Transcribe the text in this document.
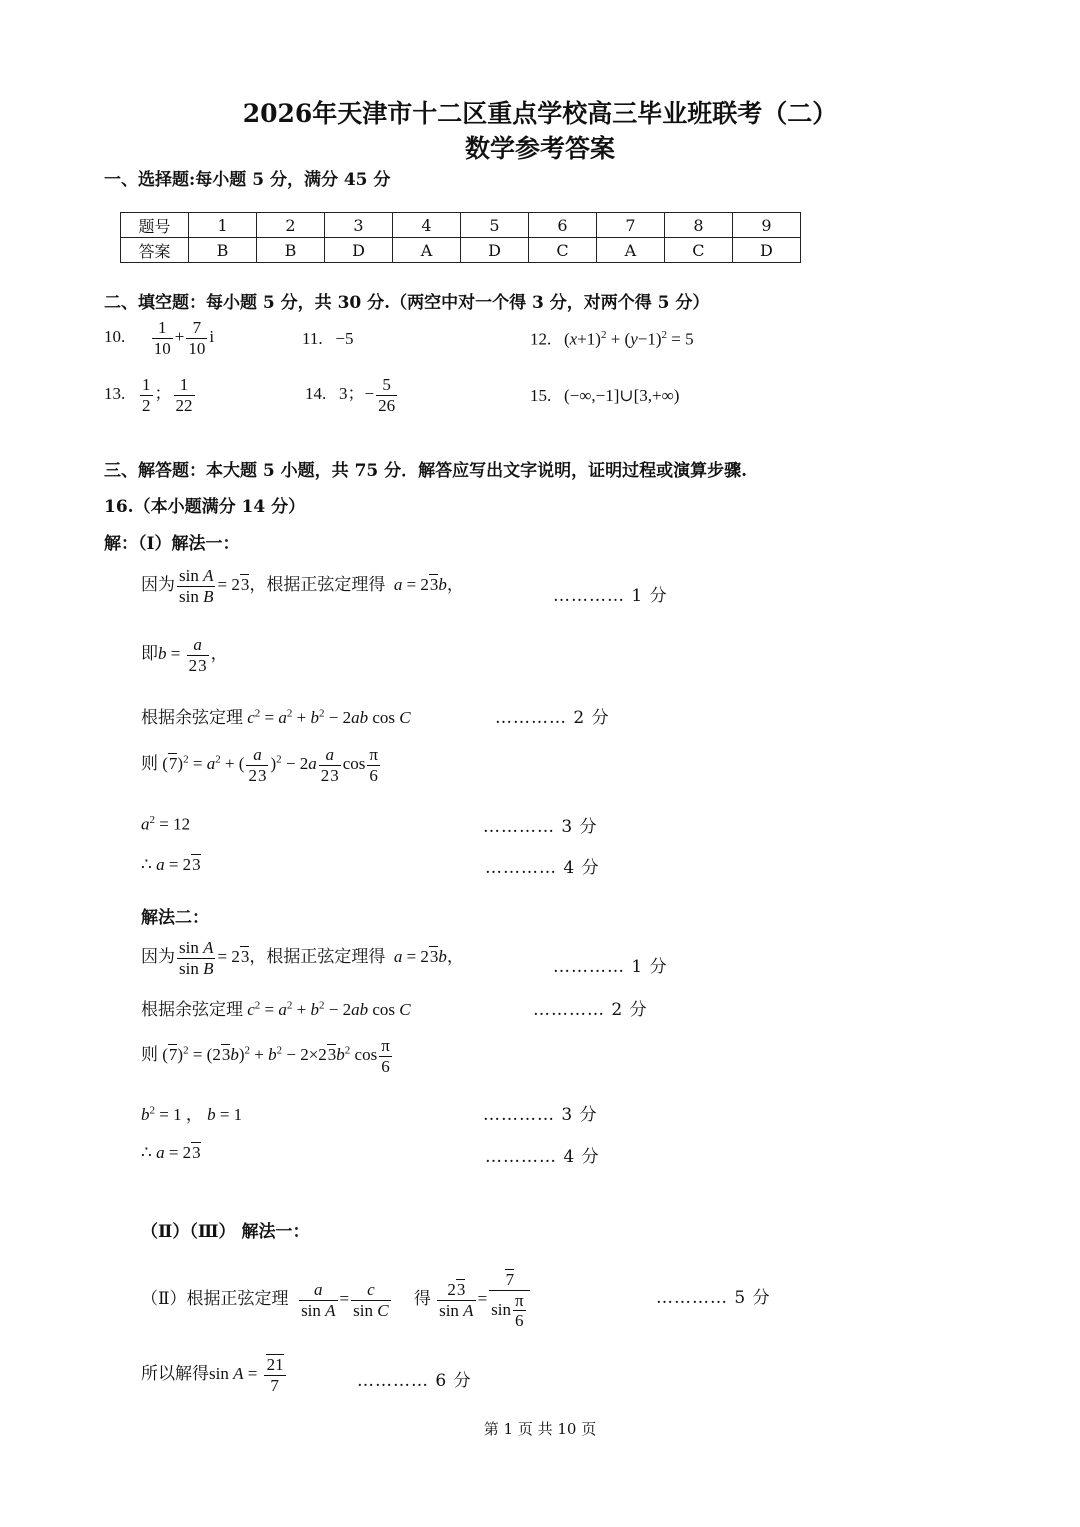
2026年天津市十二区重点学校高三毕业班联考（二）
数学参考答案
一、选择题:每小题 5 分，满分 45 分
题号	1	2	3	4	5	6	7	8	9
答案	B	B	D	A	D	C	A	C	D
二、填空题：每小题 5 分，共 30 分.（两空中对一个得 3 分，对两个得 5 分）
10. $\frac{1}{10} + \frac{7}{10}$ i	11. −5	12.   $(x+1)^2 + (y-1)^2 = 5$
13. $\frac{1}{2}$ ； $\frac{1}{22}$	14. 3；− $\frac{5}{26}$	15. (−∞,−1]∪[3,+∞)
三、解答题：本大题 5 小题，共 75 分．解答应写出文字说明，证明过程或演算步骤.
16.（本小题满分 14 分）
解：（Ⅰ）解法一：
因为 $\frac{\text{sin A}}{\text{sin B}} = 23$，根据正弦定理得 a = 23b，
………… 1 分
即$b = \frac{a}{23}$ ，
根据余弦定理 $c^2 = a^2 + b^2 - 2ab$ cos C	………… 2 分
则 $(7)^2 = a^2$ + ( $\frac{a}{23} )^2 - 2a \frac{a}{23}$ $\cos \frac{\pi}{6}$
$a^2 = 12$	………… 3 分
∴ a = 23	………… 4 分
解法二：
因为 $\frac{\text{sin A}}{\text{sin B}} = 23$，根据正弦定理得 a = 23b，
………… 1 分
根据余弦定理 $c^2 = a^2 + b^2 - 2ab$ cos C	………… 2 分
则 $(7)^2 = (23b)^2 + b^2 - 2\times 23b^2$ $\cos \frac{\pi}{6}$
$b^2 = 1$ ， b = 1	………… 3 分
∴ a = 23	………… 4 分
（Ⅱ）（Ⅲ） 解法一：
（Ⅱ）根据正弦定理 $\frac{a}{\text{sin A}} = \frac{c}{\text{sin C}}$ 得 $\frac{23}{\text{sin A}} = \frac{7}{\sin \frac{\pi}{6}}$	………… 5 分
所以解得$\sin A = \frac{21}{7}$	………… 6 分
第 1 页 共 10 页
